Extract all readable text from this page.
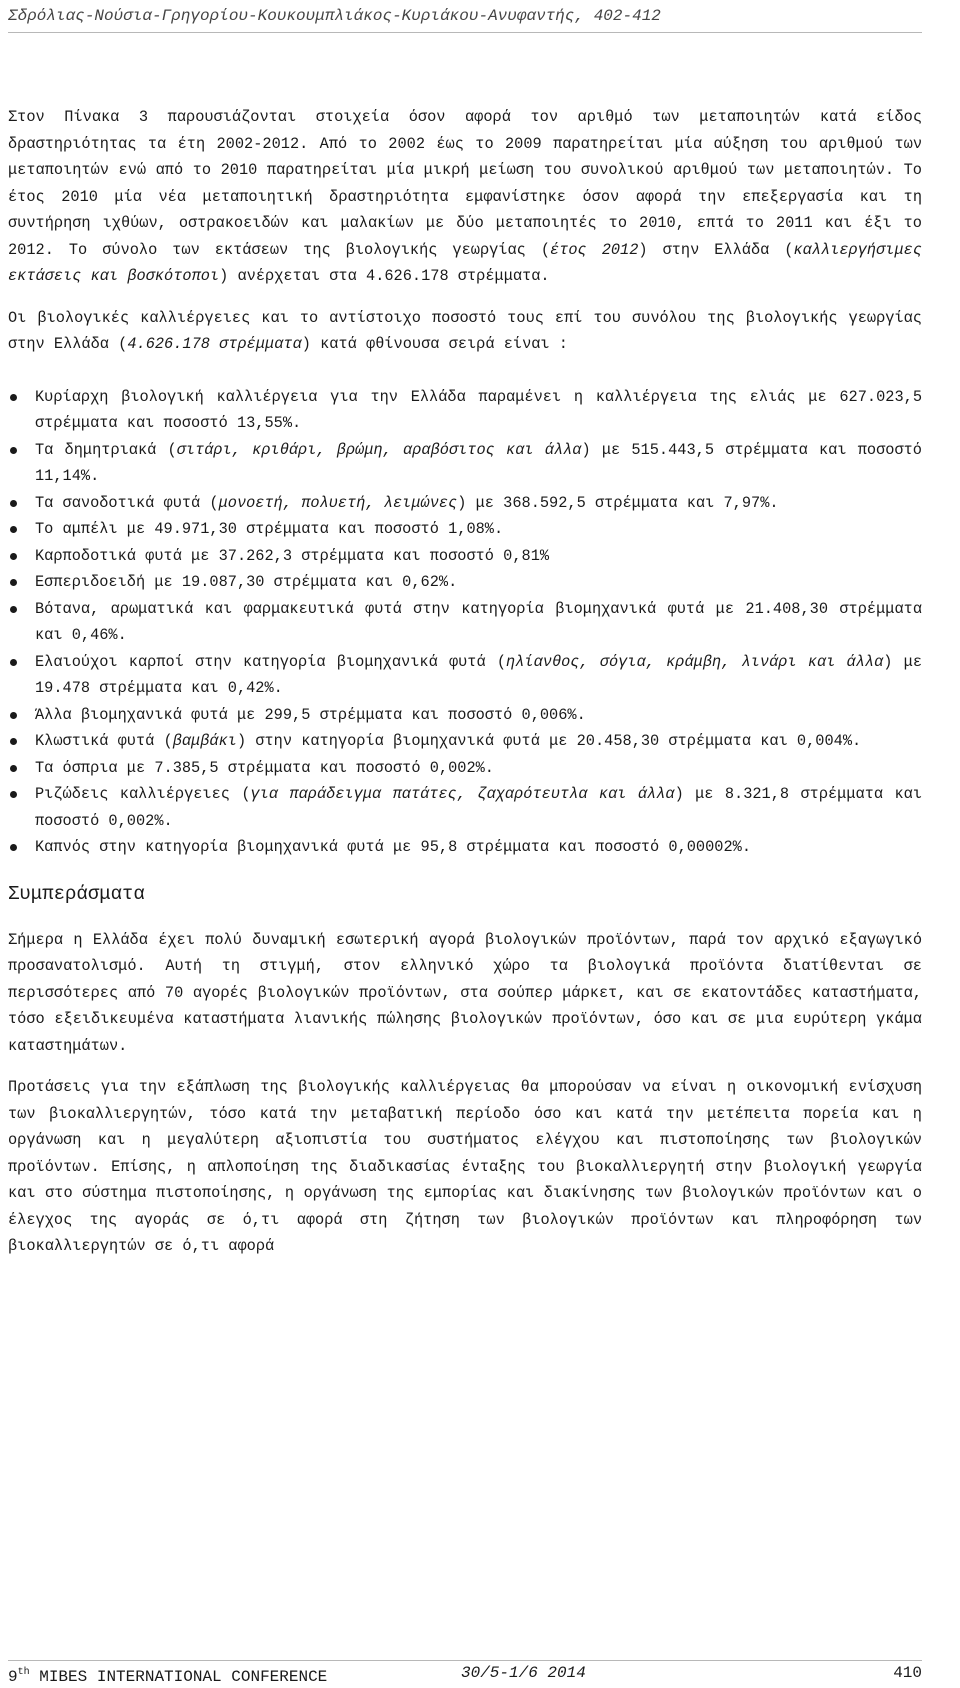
Σδρόλιας-Νούσια-Γρηγορίου-Κουκουμπλιάκος-Κυριάκου-Ανυφαντής, 402-412

Στον Πίνακα 3 παρουσιάζονται στοιχεία όσον αφορά τον αριθμό των μεταποιητών κατά είδος δραστηριότητας τα έτη 2002-2012. Από το 2002 έως το 2009 παρατηρείται μία αύξηση του αριθμού των μεταποιητών ενώ από το 2010 παρατηρείται μία μικρή μείωση του συνολικού αριθμού των μεταποιητών. Το έτος 2010 μία νέα μεταποιητική δραστηριότητα εμφανίστηκε όσον αφορά την επεξεργασία και τη συντήρηση ιχθύων, οστρακοειδών και μαλακίων με δύο μεταποιητές το 2010, επτά το 2011 και έξι το 2012. Το σύνολο των εκτάσεων της βιολογικής γεωργίας (έτος 2012) στην Ελλάδα (καλλιεργήσιμες εκτάσεις και βοσκότοποι) ανέρχεται στα 4.626.178 στρέμματα.

Οι βιολογικές καλλιέργειες και το αντίστοιχο ποσοστό τους επί του συνόλου της βιολογικής γεωργίας στην Ελλάδα (4.626.178 στρέμματα) κατά φθίνουσα σειρά είναι :

Κυρίαρχη βιολογική καλλιέργεια για την Ελλάδα παραμένει η καλλιέργεια της ελιάς με 627.023,5 στρέμματα και ποσοστό 13,55%.
Τα δημητριακά (σιτάρι, κριθάρι, βρώμη, αραβόσιτος και άλλα) με 515.443,5 στρέμματα και ποσοστό 11,14%.
Τα σανοδοτικά φυτά (μονοετή, πολυετή, λειμώνες) με 368.592,5 στρέμματα και 7,97%.
Το αμπέλι με 49.971,30 στρέμματα και ποσοστό 1,08%.
Καρποδοτικά φυτά με 37.262,3 στρέμματα και ποσοστό 0,81%
Εσπεριδοειδή με 19.087,30 στρέμματα και 0,62%.
Βότανα, αρωματικά και φαρμακευτικά φυτά στην κατηγορία βιομηχανικά φυτά με 21.408,30 στρέμματα και 0,46%.
Ελαιούχοι καρποί στην κατηγορία βιομηχανικά φυτά (ηλίανθος, σόγια, κράμβη, λινάρι και άλλα) με 19.478 στρέμματα και 0,42%.
Άλλα βιομηχανικά φυτά με 299,5 στρέμματα και ποσοστό 0,006%.
Κλωστικά φυτά (βαμβάκι) στην κατηγορία βιομηχανικά φυτά με 20.458,30 στρέμματα και 0,004%.
Τα όσπρια με 7.385,5 στρέμματα και ποσοστό 0,002%.
Ριζώδεις καλλιέργειες (για παράδειγμα πατάτες, ζαχαρότευτλα και άλλα) με 8.321,8 στρέμματα και ποσοστό 0,002%.
Καπνός στην κατηγορία βιομηχανικά φυτά με 95,8 στρέμματα και ποσοστό 0,00002%.
Συμπεράσματα

Σήμερα η Ελλάδα έχει πολύ δυναμική εσωτερική αγορά βιολογικών προϊόντων, παρά τον αρχικό εξαγωγικό προσανατολισμό. Αυτή τη στιγμή, στον ελληνικό χώρο τα βιολογικά προϊόντα διατίθενται σε περισσότερες από 70 αγορές βιολογικών προϊόντων, στα σούπερ μάρκετ, και σε εκατοντάδες καταστήματα, τόσο εξειδικευμένα καταστήματα λιανικής πώλησης βιολογικών προϊόντων, όσο και σε μια ευρύτερη γκάμα καταστημάτων.

Προτάσεις για την εξάπλωση της βιολογικής καλλιέργειας θα μπορούσαν να είναι η οικονομική ενίσχυση των βιοκαλλιεργητών, τόσο κατά την μεταβατική περίοδο όσο και κατά την μετέπειτα πορεία και η οργάνωση και η μεγαλύτερη αξιοπιστία του συστήματος ελέγχου και πιστοποίησης των βιολογικών προϊόντων. Επίσης, η απλοποίηση της διαδικασίας ένταξης του βιοκαλλιεργητή στην βιολογική γεωργία και στο σύστημα πιστοποίησης, η οργάνωση της εμπορίας και διακίνησης των βιολογικών προϊόντων και ο έλεγχος της αγοράς σε ό,τι αφορά στη ζήτηση των βιολογικών προϊόντων και πληροφόρηση των βιοκαλλιεργητών σε ό,τι αφορά

9th MIBES INTERNATIONAL CONFERENCE	30/5-1/6 2014	410
